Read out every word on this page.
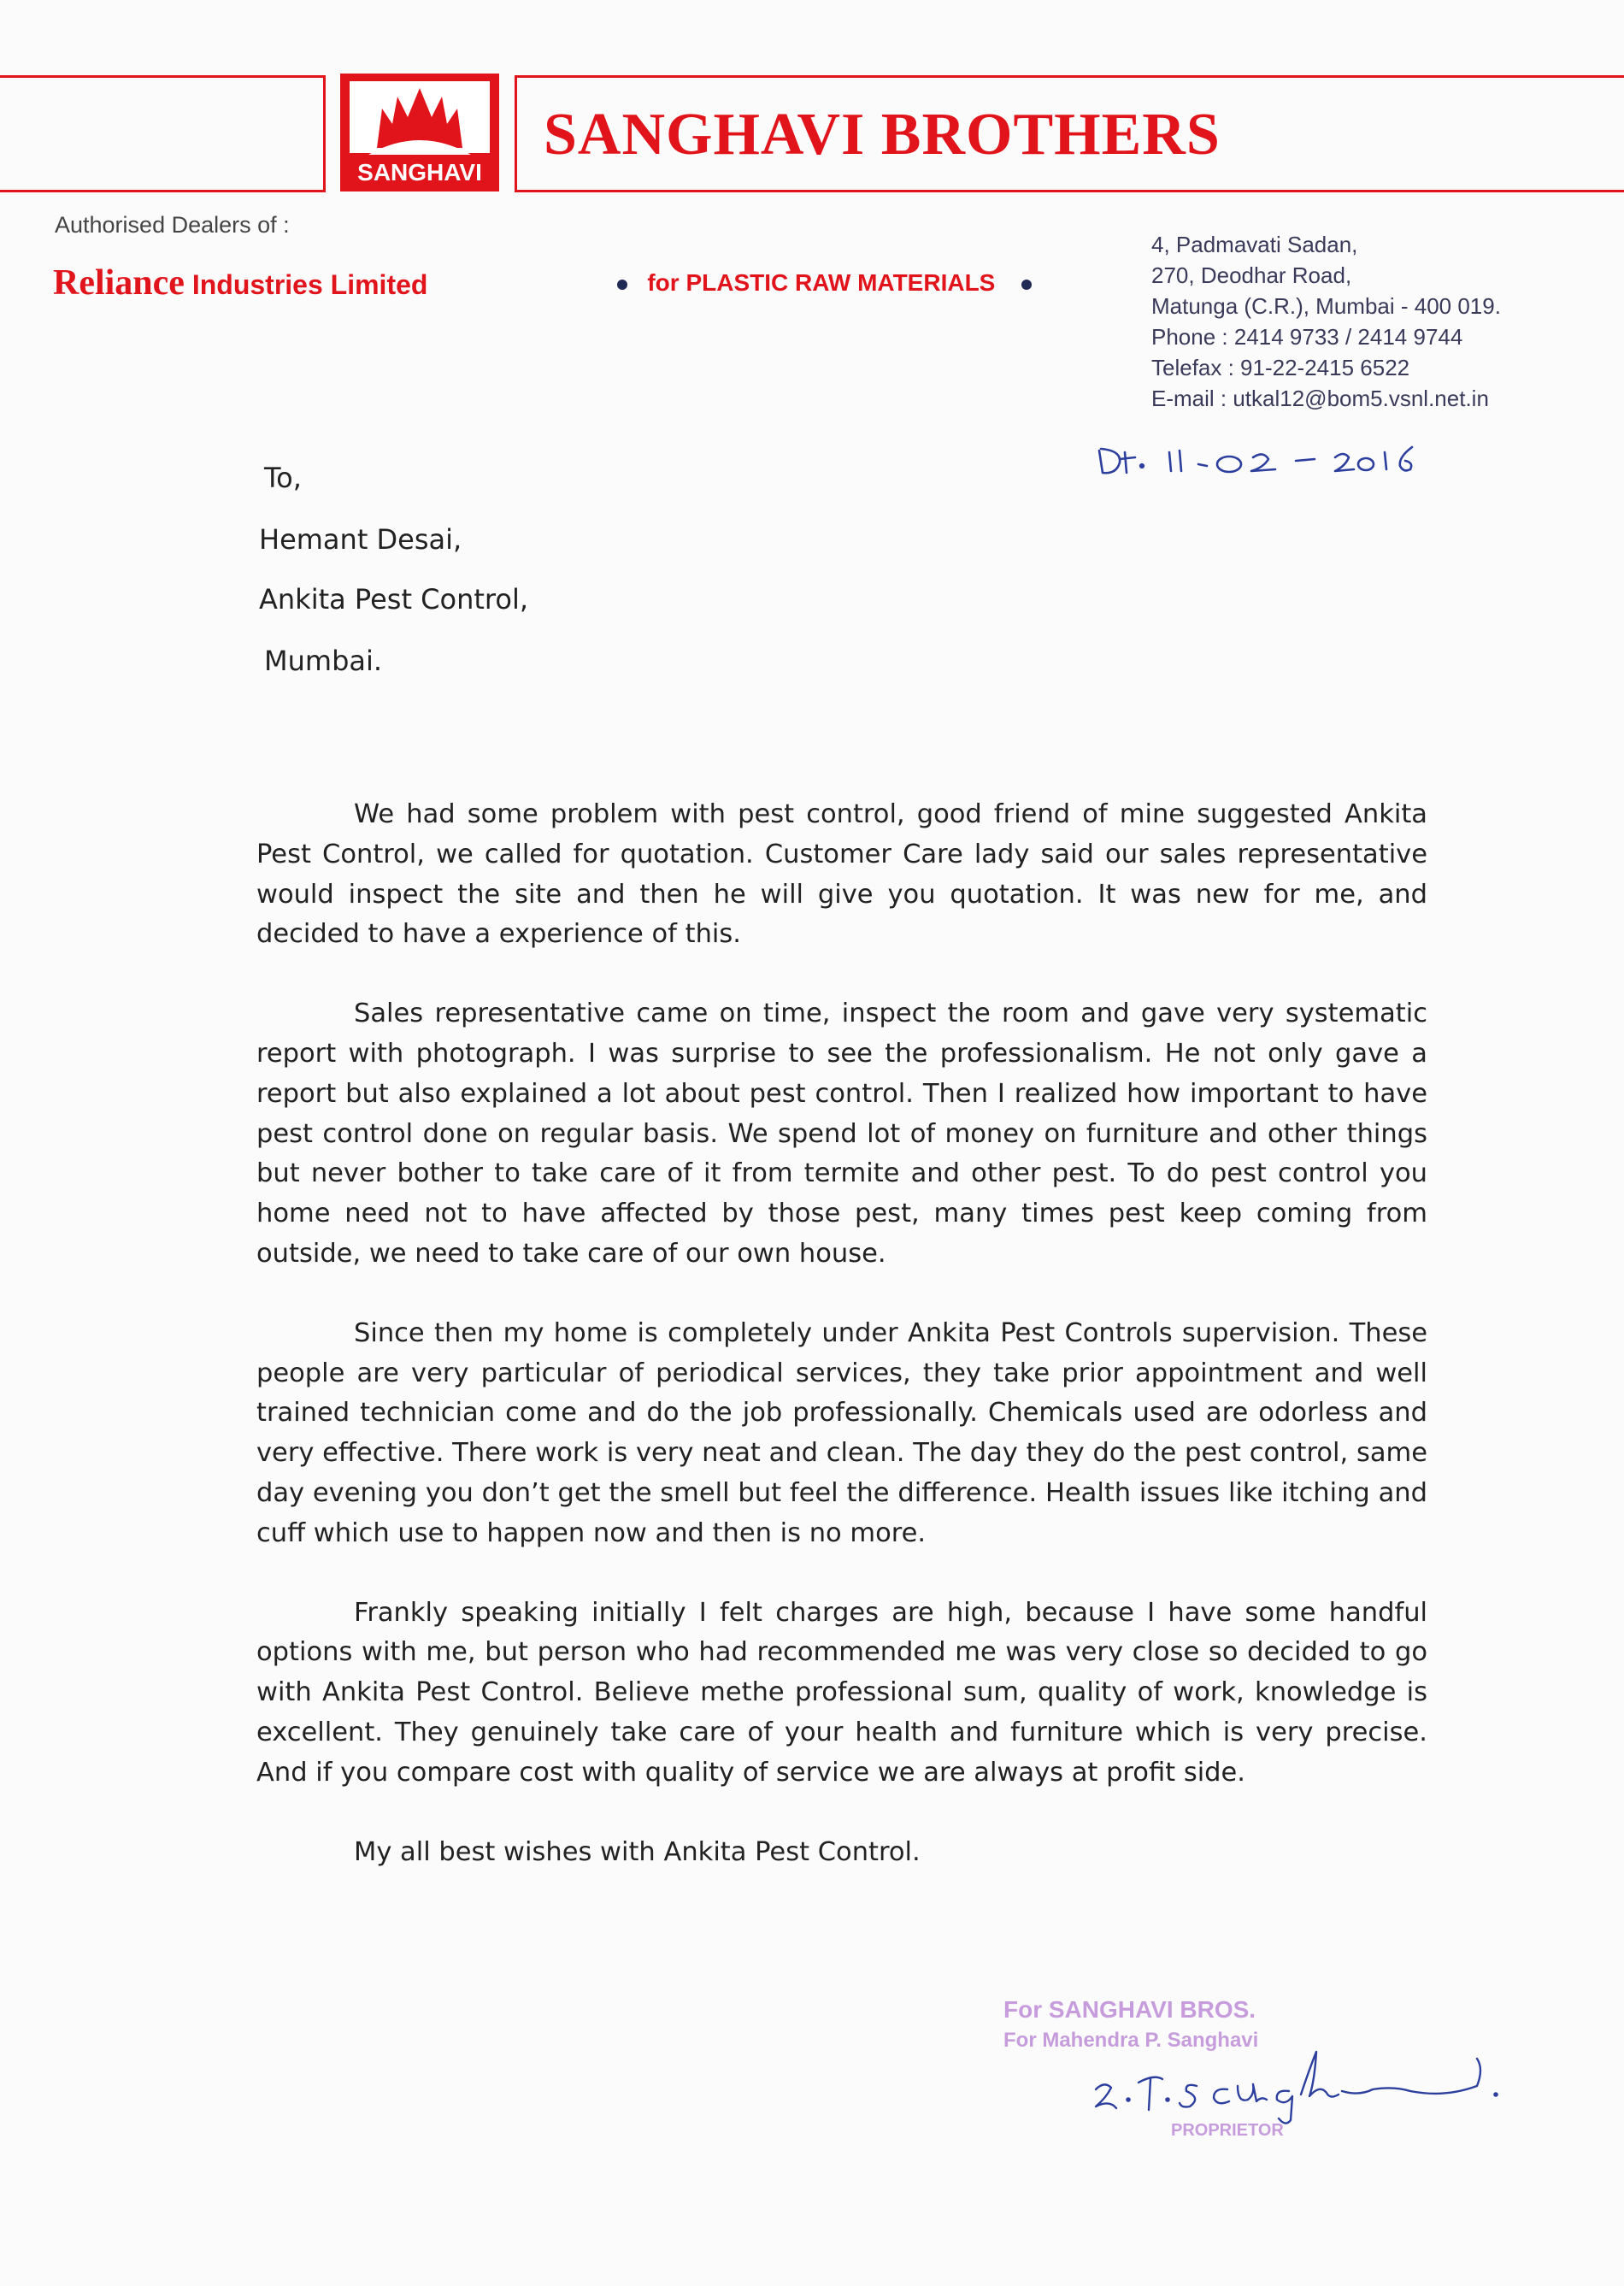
SANGHAVI
SANGHAVI BROTHERS
Authorised Dealers of :
Reliance Industries Limited	for PLASTIC RAW MATERIALS
4, Padmavati Sadan,
270, Deodhar Road,
Matunga (C.R.), Mumbai - 400 019.
Phone : 2414 9733 / 2414 9744
Telefax : 91-22-2415 6522
E-mail : utkal12@bom5.vsnl.net.in
To,
Hemant Desai,
Ankita Pest Control,
Mumbai.

We had some problem with pest control, good friend of mine suggested Ankita Pest Control, we called for quotation. Customer Care lady said our sales representative would inspect the site and then he will give you quotation. It was new for me, and decided to have a experience of this.

Sales representative came on time, inspect the room and gave very systematic report with photograph. I was surprise to see the professionalism. He not only gave a report but also explained a lot about pest control. Then I realized how important to have pest control done on regular basis. We spend lot of money on furniture and other things but never bother to take care of it from termite and other pest. To do pest control you home need not to have affected by those pest, many times pest keep coming from outside, we need to take care of our own house.

Since then my home is completely under Ankita Pest Controls supervision. These people are very particular of periodical services, they take prior appointment and well trained technician come and do the job professionally. Chemicals used are odorless and very effective. There work is very neat and clean. The day they do the pest control, same day evening you don’t get the smell but feel the difference. Health issues like itching and cuff which use to happen now and then is no more.

Frankly speaking initially I felt charges are high, because I have some handful options with me, but person who had recommended me was very close so decided to go with Ankita Pest Control. Believe methe professional sum, quality of work, knowledge is excellent. They genuinely take care of your health and furniture which is very precise. And if you compare cost with quality of service we are always at profit side.

My all best wishes with Ankita Pest Control.

For SANGHAVI BROS.
For Mahendra P. Sanghavi
PROPRIETOR
